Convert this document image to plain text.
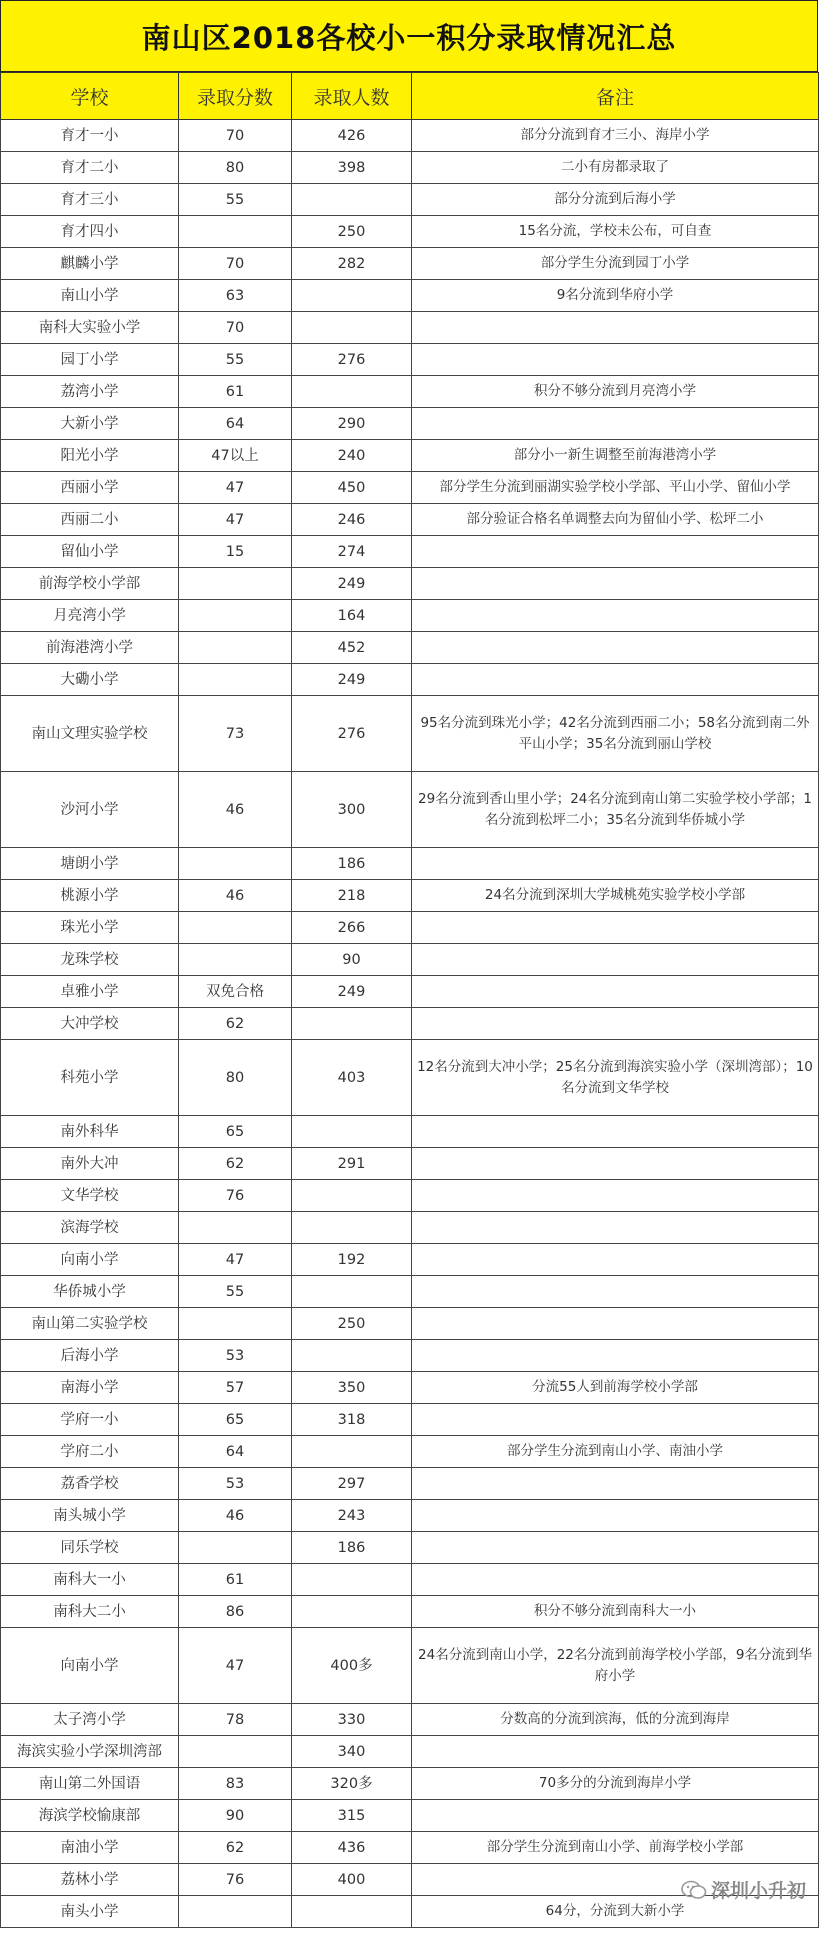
南山区2018各校小一积分录取情况汇总
学校	录取分数	录取人数	备注
育才一小	70	426	部分分流到育才三小、海岸小学
育才二小	80	398	二小有房都录取了
育才三小	55		部分分流到后海小学
育才四小		250	15名分流，学校未公布，可自查
麒麟小学	70	282	部分学生分流到园丁小学
南山小学	63		9名分流到华府小学
南科大实验小学	70		
园丁小学	55	276	
荔湾小学	61		积分不够分流到月亮湾小学
大新小学	64	290	
阳光小学	47以上	240	部分小一新生调整至前海港湾小学
西丽小学	47	450	部分学生分流到丽湖实验学校小学部、平山小学、留仙小学
西丽二小	47	246	部分验证合格名单调整去向为留仙小学、松坪二小
留仙小学	15	274	
前海学校小学部		249	
月亮湾小学		164	
前海港湾小学		452	
大磡小学		249	
南山文理实验学校	73	276	95名分流到珠光小学；42名分流到西丽二小；58名分流到南二外平山小学；35名分流到丽山学校
沙河小学	46	300	29名分流到香山里小学；24名分流到南山第二实验学校小学部；1名分流到松坪二小；35名分流到华侨城小学
塘朗小学		186	
桃源小学	46	218	24名分流到深圳大学城桃苑实验学校小学部
珠光小学		266	
龙珠学校		90	
卓雅小学	双免合格	249	
大冲学校	62		
科苑小学	80	403	12名分流到大冲小学；25名分流到海滨实验小学（深圳湾部）；10名分流到文华学校
南外科华	65		
南外大冲	62	291	
文华学校	76		
滨海学校			
向南小学	47	192	
华侨城小学	55		
南山第二实验学校		250	
后海小学	53		
南海小学	57	350	分流55人到前海学校小学部
学府一小	65	318	
学府二小	64		部分学生分流到南山小学、南油小学
荔香学校	53	297	
南头城小学	46	243	
同乐学校		186	
南科大一小	61		
南科大二小	86		积分不够分流到南科大一小
向南小学	47	400多	24名分流到南山小学，22名分流到前海学校小学部，9名分流到华府小学
太子湾小学	78	330	分数高的分流到滨海，低的分流到海岸
海滨实验小学深圳湾部		340	
南山第二外国语	83	320多	70多分的分流到海岸小学
海滨学校愉康部	90	315	
南油小学	62	436	部分学生分流到南山小学、前海学校小学部
荔林小学	76	400	
南头小学			64分，分流到大新小学
深圳小升初
